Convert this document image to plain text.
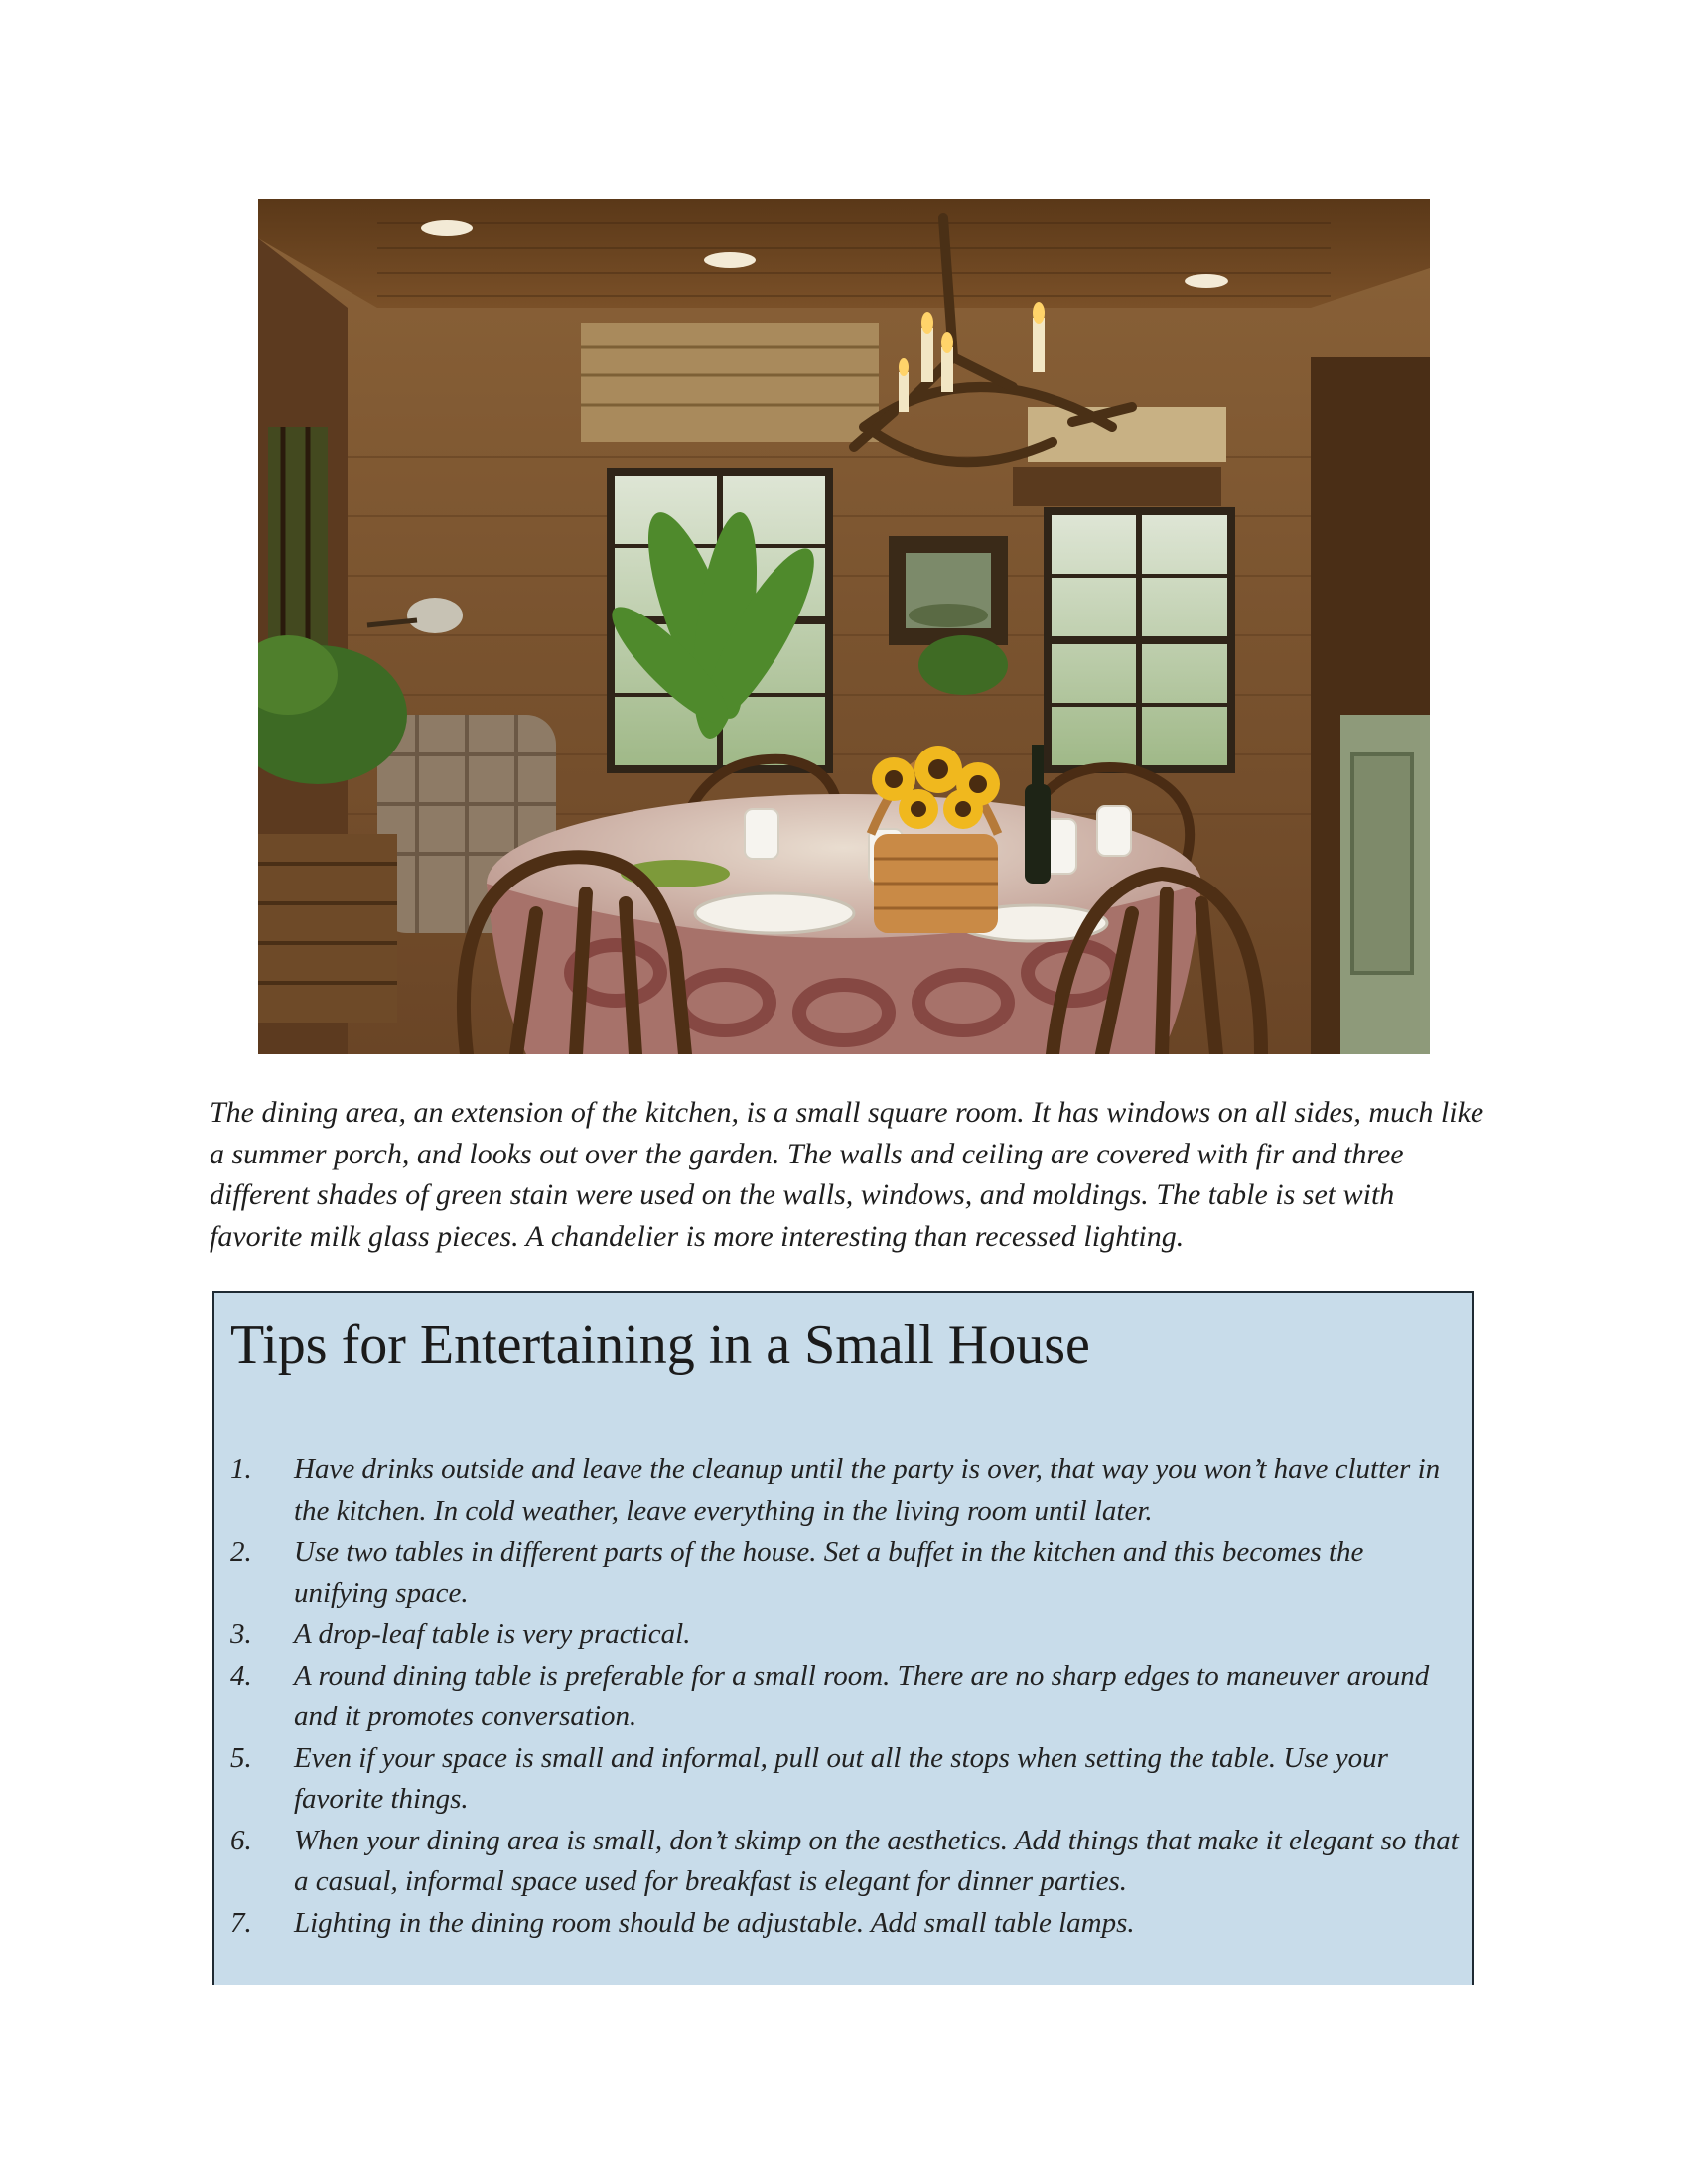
The dining area, an extension of the kitchen, is a small square room. It has windows on all sides, much like a summer porch, and looks out over the garden. The walls and ceiling are covered with fir and three different shades of green stain were used on the walls, windows, and moldings. The table is set with favorite milk glass pieces. A chandelier is more interesting than recessed lighting.

Tips for Entertaining in a Small House
1. Have drinks outside and leave the cleanup until the party is over, that way you won’t have clutter in the kitchen. In cold weather, leave everything in the living room until later.
2. Use two tables in different parts of the house. Set a buffet in the kitchen and this becomes the unifying space.
3. A drop-leaf table is very practical.
4. A round dining table is preferable for a small room. There are no sharp edges to maneuver around and it promotes conversation.
5. Even if your space is small and informal, pull out all the stops when setting the table. Use your favorite things.
6. When your dining area is small, don’t skimp on the aesthetics. Add things that make it elegant so that a casual, informal space used for breakfast is elegant for dinner parties.
7. Lighting in the dining room should be adjustable. Add small table lamps.
